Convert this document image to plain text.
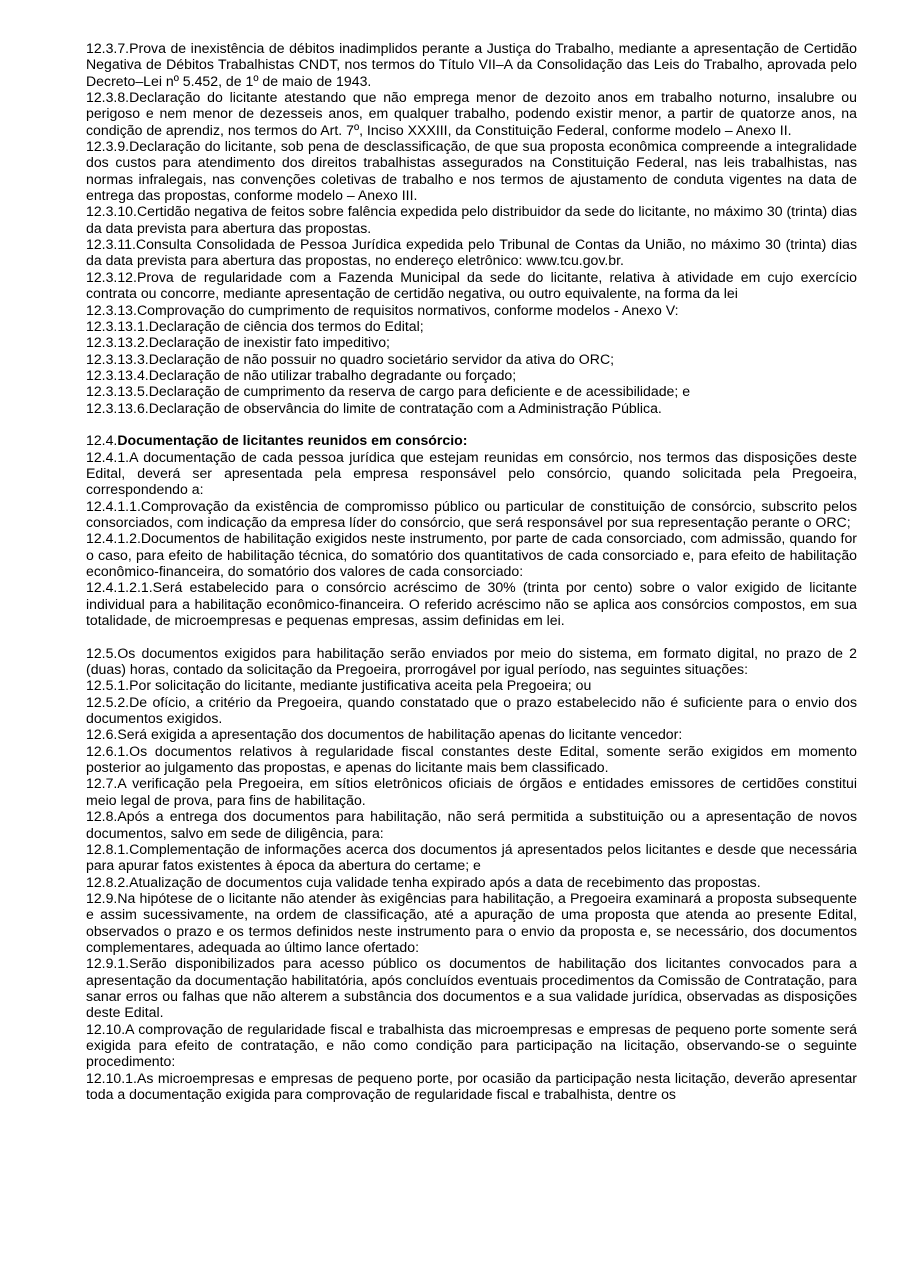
12.3.7.Prova de inexistência de débitos inadimplidos perante a Justiça do Trabalho, mediante a apresentação de Certidão Negativa de Débitos Trabalhistas CNDT, nos termos do Título VII–A da Consolidação das Leis do Trabalho, aprovada pelo Decreto–Lei nº 5.452, de 1º de maio de 1943.

12.3.8.Declaração do licitante atestando que não emprega menor de dezoito anos em trabalho noturno, insalubre ou perigoso e nem menor de dezesseis anos, em qualquer trabalho, podendo existir menor, a partir de quatorze anos, na condição de aprendiz, nos termos do Art. 7º, Inciso XXXIII, da Constituição Federal, conforme modelo – Anexo II.

12.3.9.Declaração do licitante, sob pena de desclassificação, de que sua proposta econômica compreende a integralidade dos custos para atendimento dos direitos trabalhistas assegurados na Constituição Federal, nas leis trabalhistas, nas normas infralegais, nas convenções coletivas de trabalho e nos termos de ajustamento de conduta vigentes na data de entrega das propostas, conforme modelo – Anexo III.

12.3.10.Certidão negativa de feitos sobre falência expedida pelo distribuidor da sede do licitante, no máximo 30 (trinta) dias da data prevista para abertura das propostas.

12.3.11.Consulta Consolidada de Pessoa Jurídica expedida pelo Tribunal de Contas da União, no máximo 30 (trinta) dias da data prevista para abertura das propostas, no endereço eletrônico: www.tcu.gov.br.

12.3.12.Prova de regularidade com a Fazenda Municipal da sede do licitante, relativa à atividade em cujo exercício contrata ou concorre, mediante apresentação de certidão negativa, ou outro equivalente, na forma da lei

12.3.13.Comprovação do cumprimento de requisitos normativos, conforme modelos - Anexo V:

12.3.13.1.Declaração de ciência dos termos do Edital;

12.3.13.2.Declaração de inexistir fato impeditivo;

12.3.13.3.Declaração de não possuir no quadro societário servidor da ativa do ORC;

12.3.13.4.Declaração de não utilizar trabalho degradante ou forçado;

12.3.13.5.Declaração de cumprimento da reserva de cargo para deficiente e de acessibilidade; e

12.3.13.6.Declaração de observância do limite de contratação com a Administração Pública.

12.4.Documentação de licitantes reunidos em consórcio:

12.4.1.A documentação de cada pessoa jurídica que estejam reunidas em consórcio, nos termos das disposições deste Edital, deverá ser apresentada pela empresa responsável pelo consórcio, quando solicitada pela Pregoeira, correspondendo a:

12.4.1.1.Comprovação da existência de compromisso público ou particular de constituição de consórcio, subscrito pelos consorciados, com indicação da empresa líder do consórcio, que será responsável por sua representação perante o ORC;

12.4.1.2.Documentos de habilitação exigidos neste instrumento, por parte de cada consorciado, com admissão, quando for o caso, para efeito de habilitação técnica, do somatório dos quantitativos de cada consorciado e, para efeito de habilitação econômico-financeira, do somatório dos valores de cada consorciado:

12.4.1.2.1.Será estabelecido para o consórcio acréscimo de 30% (trinta por cento) sobre o valor exigido de licitante individual para a habilitação econômico-financeira. O referido acréscimo não se aplica aos consórcios compostos, em sua totalidade, de microempresas e pequenas empresas, assim definidas em lei.

12.5.Os documentos exigidos para habilitação serão enviados por meio do sistema, em formato digital, no prazo de 2 (duas) horas, contado da solicitação da Pregoeira, prorrogável por igual período, nas seguintes situações:

12.5.1.Por solicitação do licitante, mediante justificativa aceita pela Pregoeira; ou

12.5.2.De ofício, a critério da Pregoeira, quando constatado que o prazo estabelecido não é suficiente para o envio dos documentos exigidos.

12.6.Será exigida a apresentação dos documentos de habilitação apenas do licitante vencedor:

12.6.1.Os documentos relativos à regularidade fiscal constantes deste Edital, somente serão exigidos em momento posterior ao julgamento das propostas, e apenas do licitante mais bem classificado.

12.7.A verificação pela Pregoeira, em sítios eletrônicos oficiais de órgãos e entidades emissores de certidões constitui meio legal de prova, para fins de habilitação.

12.8.Após a entrega dos documentos para habilitação, não será permitida a substituição ou a apresentação de novos documentos, salvo em sede de diligência, para:

12.8.1.Complementação de informações acerca dos documentos já apresentados pelos licitantes e desde que necessária para apurar fatos existentes à época da abertura do certame; e

12.8.2.Atualização de documentos cuja validade tenha expirado após a data de recebimento das propostas.

12.9.Na hipótese de o licitante não atender às exigências para habilitação, a Pregoeira examinará a proposta subsequente e assim sucessivamente, na ordem de classificação, até a apuração de uma proposta que atenda ao presente Edital, observados o prazo e os termos definidos neste instrumento para o envio da proposta e, se necessário, dos documentos complementares, adequada ao último lance ofertado:

12.9.1.Serão disponibilizados para acesso público os documentos de habilitação dos licitantes convocados para a apresentação da documentação habilitatória, após concluídos eventuais procedimentos da Comissão de Contratação, para sanar erros ou falhas que não alterem a substância dos documentos e a sua validade jurídica, observadas as disposições deste Edital.

12.10.A comprovação de regularidade fiscal e trabalhista das microempresas e empresas de pequeno porte somente será exigida para efeito de contratação, e não como condição para participação na licitação, observando-se o seguinte procedimento:

12.10.1.As microempresas e empresas de pequeno porte, por ocasião da participação nesta licitação, deverão apresentar toda a documentação exigida para comprovação de regularidade fiscal e trabalhista, dentre os
